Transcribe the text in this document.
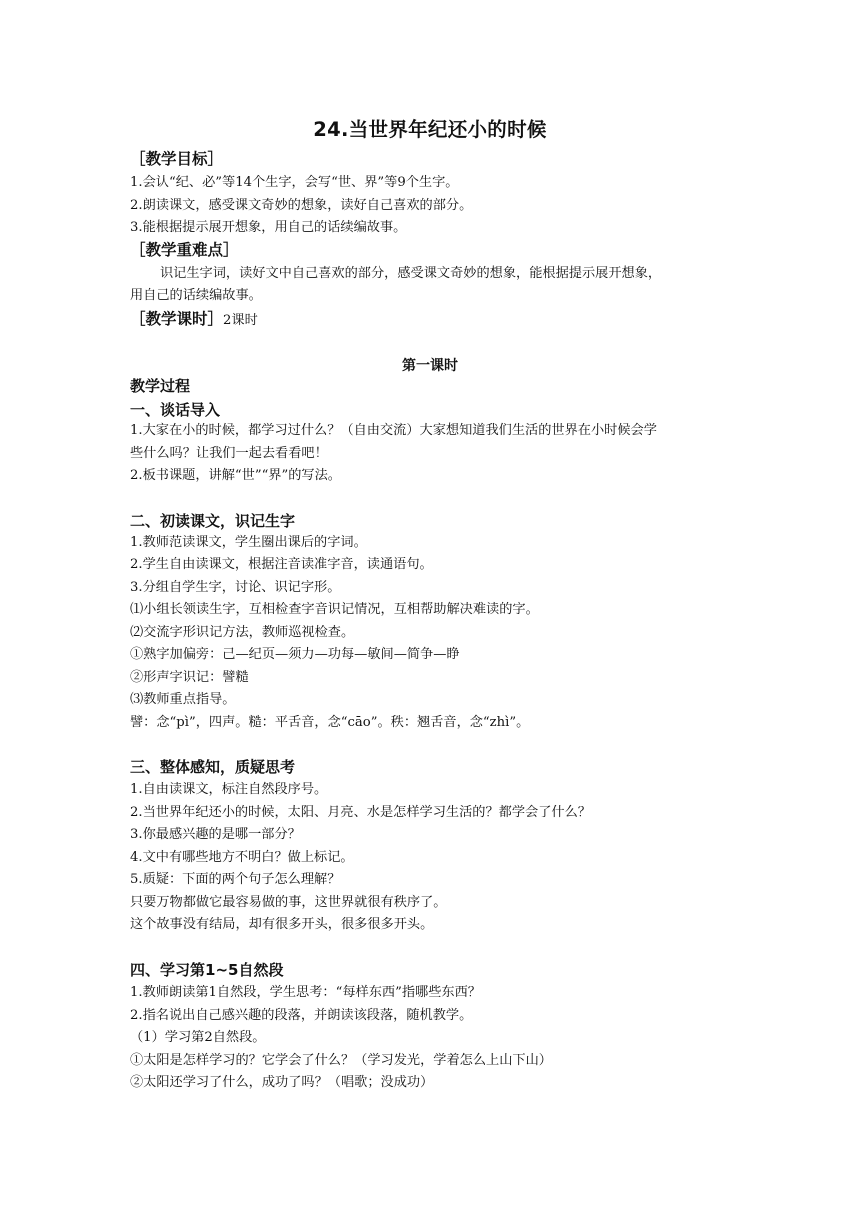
24.当世界年纪还小的时候
［教学目标］
1.会认“纪、必”等14个生字，会写“世、界”等9个生字。
2.朗读课文，感受课文奇妙的想象，读好自己喜欢的部分。
3.能根据提示展开想象，用自己的话续编故事。
［教学重难点］
识记生字词，读好文中自己喜欢的部分，感受课文奇妙的想象，能根据提示展开想象，
用自己的话续编故事。
［教学课时］2课时
第一课时
教学过程
一、谈话导入
1.大家在小的时候，都学习过什么？（自由交流）大家想知道我们生活的世界在小时候会学
些什么吗？让我们一起去看看吧！
2.板书课题，讲解“世”“界”的写法。
二、初读课文，识记生字
1.教师范读课文，学生圈出课后的字词。
2.学生自由读课文，根据注音读准字音，读通语句。
3.分组自学生字，讨论、识记字形。
⑴小组长领读生字，互相检查字音识记情况，互相帮助解决难读的字。
⑵交流字形识记方法，教师巡视检查。
①熟字加偏旁：己—纪页—须力—功每—敏间—简争—睁
②形声字识记：譬糙
⑶教师重点指导。
譬：念“pì”，四声。糙：平舌音，念“cāo”。秩：翘舌音，念“zhì”。
三、整体感知，质疑思考
1.自由读课文，标注自然段序号。
2.当世界年纪还小的时候，太阳、月亮、水是怎样学习生活的？都学会了什么？
3.你最感兴趣的是哪一部分？
4.文中有哪些地方不明白？做上标记。
5.质疑：下面的两个句子怎么理解？
只要万物都做它最容易做的事，这世界就很有秩序了。
这个故事没有结局，却有很多开头，很多很多开头。
四、学习第1~5自然段
1.教师朗读第1自然段，学生思考：“每样东西”指哪些东西？
2.指名说出自己感兴趣的段落，并朗读该段落，随机教学。
（1）学习第2自然段。
①太阳是怎样学习的？它学会了什么？（学习发光，学着怎么上山下山）
②太阳还学习了什么，成功了吗？（唱歌；没成功）
